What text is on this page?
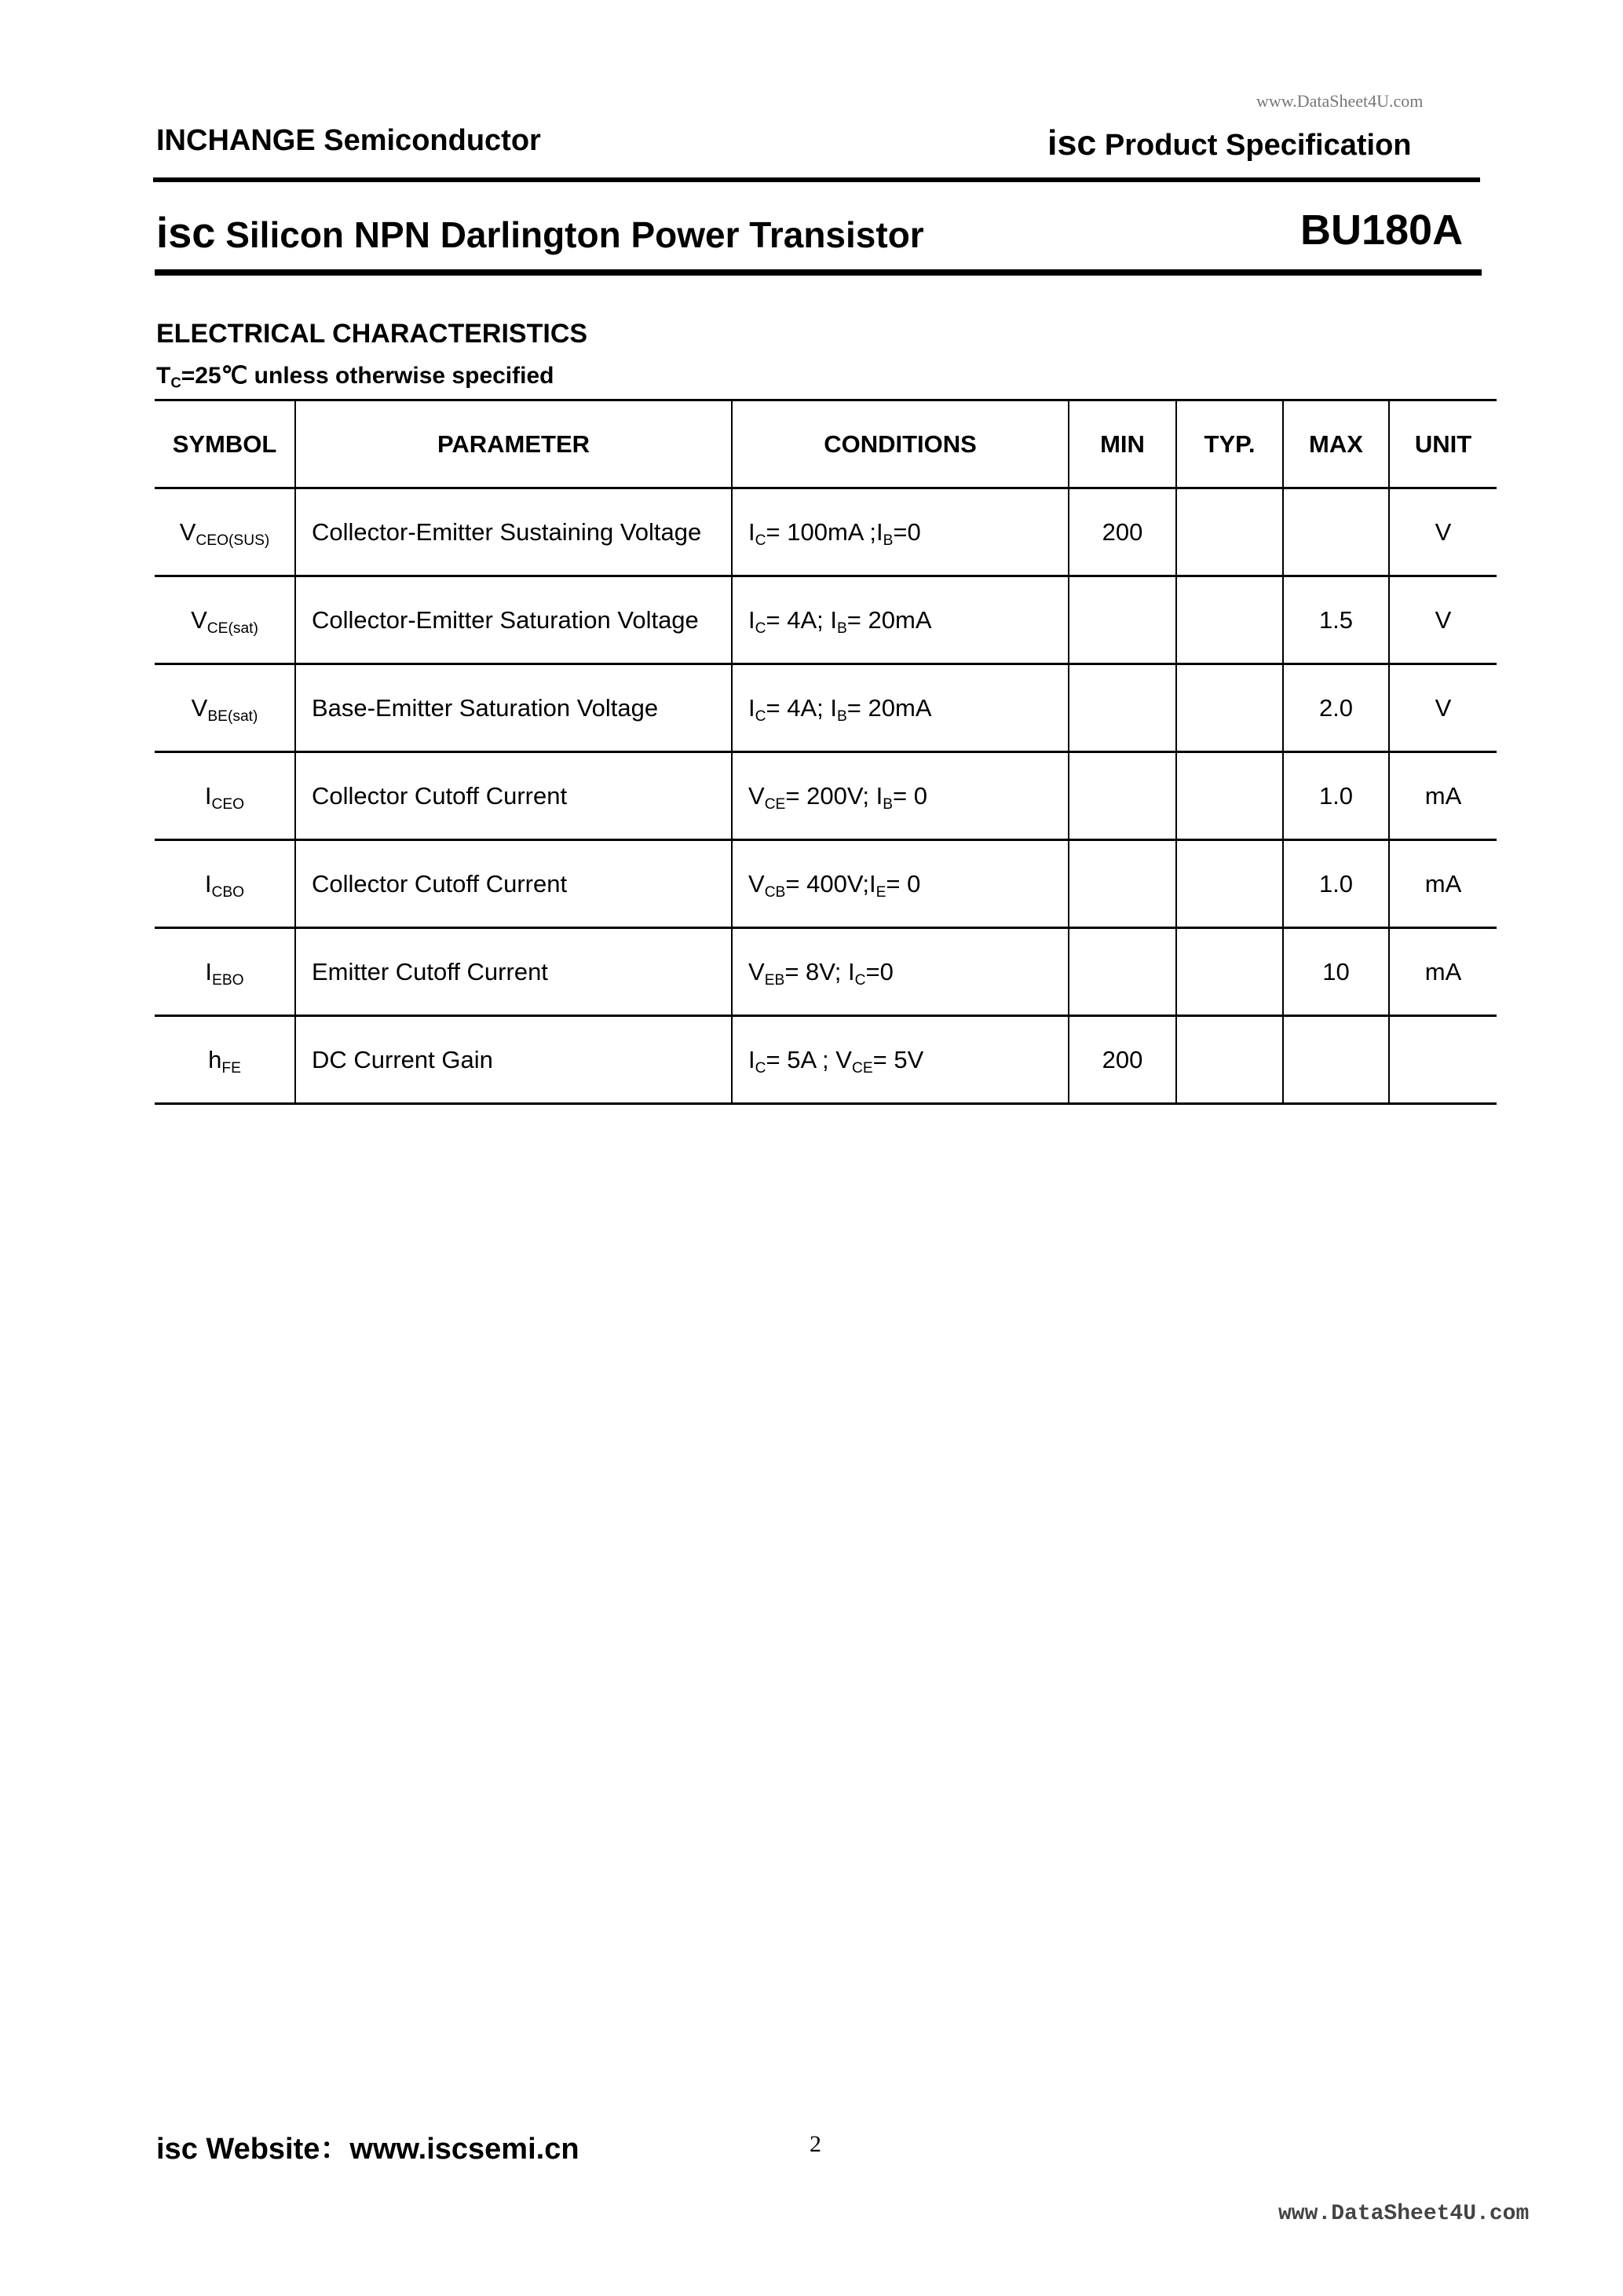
INCHANGE Semiconductor
www.DataSheet4U.com
isc Product Specification
isc Silicon NPN Darlington Power Transistor	BU180A
ELECTRICAL CHARACTERISTICS
$T_C=25℃$ unless otherwise specified
SYMBOL	PARAMETER	CONDITIONS	MIN	TYP.	MAX	UNIT
$V_{CEO(SUS)}$	Collector-Emitter Sustaining Voltage	$I_C= 100mA$ $;I_B=0$	200			V
$V_{CE(sat)}$	Collector-Emitter Saturation Voltage	$I_C= 4A$; $I_B= 20mA$			1.5	V
$V_{BE(sat)}$	Base-Emitter Saturation Voltage	$I_C= 4A$; $I_B= 20mA$			2.0	V
$I_{CEO}$	Collector Cutoff Current	$V_{CE}= 200V$; $I_B= 0$			1.0	mA
$I_{CBO}$	Collector Cutoff Current	$V_{CB}=$ $400V;I_E= 0$			1.0	mA
$I_{EBO}$	Emitter Cutoff Current	$V_{EB}= 8V$; $I_C=0$			10	mA
$h_{FE}$	DC Current Gain	$I_C= 5A$ ; $V_{CE}= 5V$	200			
isc Website：www.iscsemi.cn	2
www.DataSheet4U.com
